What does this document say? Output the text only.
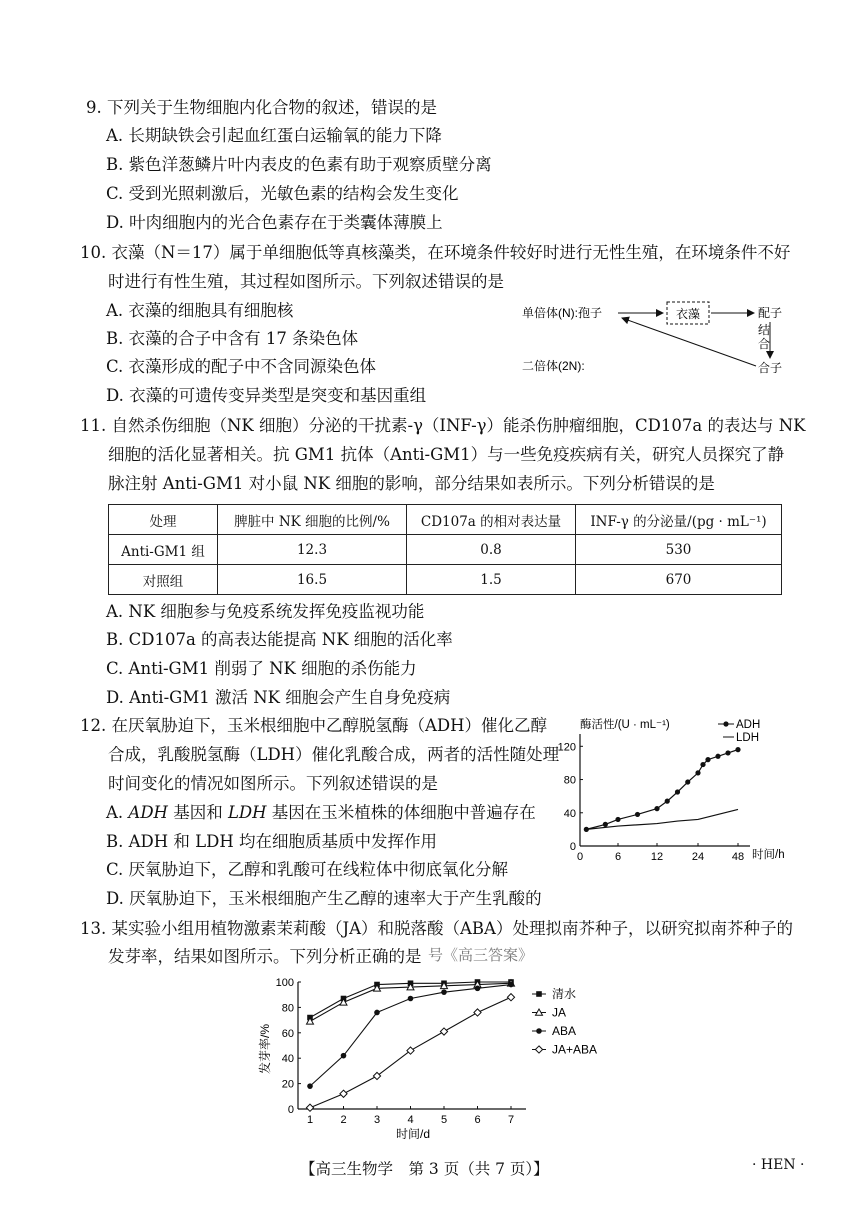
9. 下列关于生物细胞内化合物的叙述，错误的是
A. 长期缺铁会引起血红蛋白运输氧的能力下降
B. 紫色洋葱鳞片叶内表皮的色素有助于观察质壁分离
C. 受到光照刺激后，光敏色素的结构会发生变化
D. 叶肉细胞内的光合色素存在于类囊体薄膜上
10. 衣藻（N＝17）属于单细胞低等真核藻类，在环境条件较好时进行无性生殖，在环境条件不好
时进行有性生殖，其过程如图所示。下列叙述错误的是
A. 衣藻的细胞具有细胞核
B. 衣藻的合子中含有 17 条染色体
C. 衣藻形成的配子中不含同源染色体
D. 衣藻的可遗传变异类型是突变和基因重组
单倍体(N):孢子	衣藻	配子
结
合
二倍体(2N):	合子
11. 自然杀伤细胞（NK 细胞）分泌的干扰素-γ（INF-γ）能杀伤肿瘤细胞，CD107a 的表达与 NK
细胞的活化显著相关。抗 GM1 抗体（Anti-GM1）与一些免疫疾病有关，研究人员探究了静
脉注射 Anti-GM1 对小鼠 NK 细胞的影响，部分结果如表所示。下列分析错误的是
处理	脾脏中 NK 细胞的比例/%	CD107a 的相对表达量	INF-γ 的分泌量/(pg · mL⁻¹)
Anti-GM1 组	12.3	0.8	530
对照组	16.5	1.5	670
A. NK 细胞参与免疫系统发挥免疫监视功能
B. CD107a 的高表达能提高 NK 细胞的活化率
C. Anti-GM1 削弱了 NK 细胞的杀伤能力
D. Anti-GM1 激活 NK 细胞会产生自身免疫病
12. 在厌氧胁迫下，玉米根细胞中乙醇脱氢酶（ADH）催化乙醇
合成，乳酸脱氢酶（LDH）催化乳酸合成，两者的活性随处理
时间变化的情况如图所示。下列叙述错误的是
A. ADH 基因和 LDH 基因在玉米植株的体细胞中普遍存在
B. ADH 和 LDH 均在细胞质基质中发挥作用
C. 厌氧胁迫下，乙醇和乳酸可在线粒体中彻底氧化分解
D. 厌氧胁迫下，玉米根细胞产生乙醇的速率大于产生乳酸的
酶活性/(U · mL⁻¹)
时间/h
ADH
LDH
0	6	12	24	48
0
40
80
120
13. 某实验小组用植物激素茉莉酸（JA）和脱落酸（ABA）处理拟南芥种子，以研究拟南芥种子的
发芽率，结果如图所示。下列分析正确的是 号《高三答案》
发芽率/%
时间/d
1 2 3 4 5 6 7
0
20
40
60
80
100
清水
JA
ABA
JA+ABA
【高三生物学　第 3 页（共 7 页）】	· HEN ·
